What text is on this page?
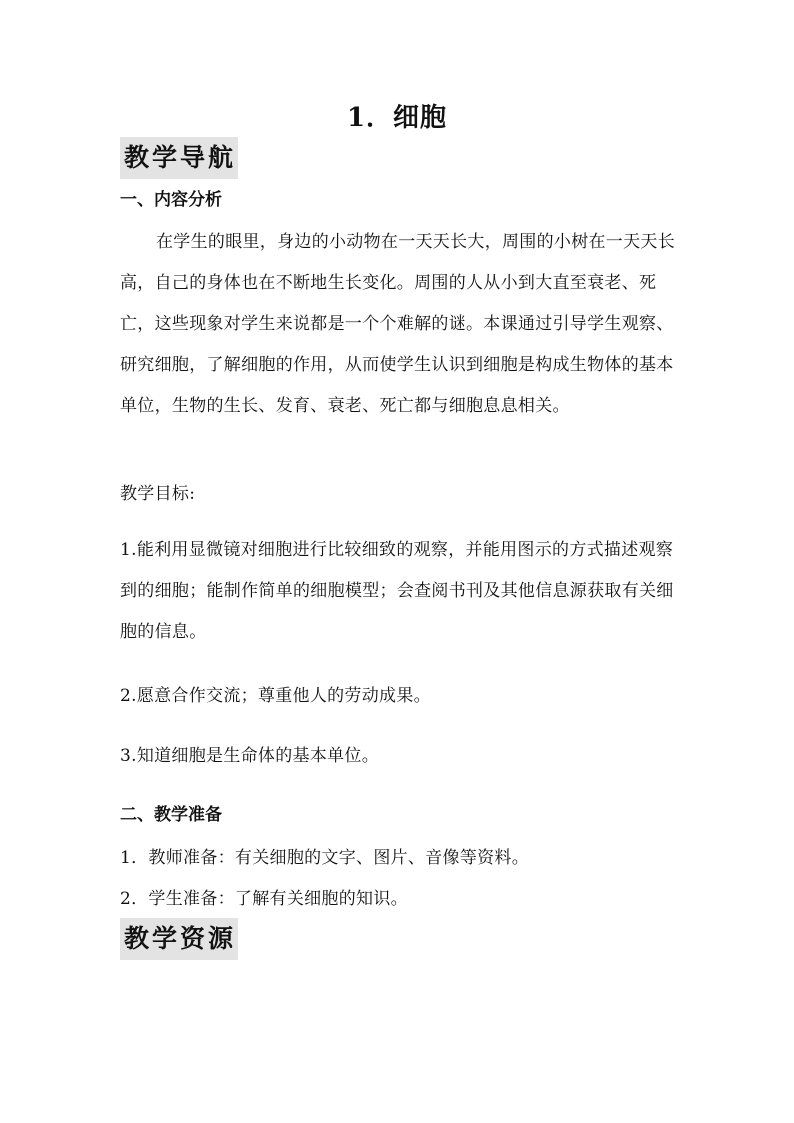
1．细胞
教学导航
一、内容分析
在学生的眼里，身边的小动物在一天天长大，周围的小树在一天天长高，自己的身体也在不断地生长变化。周围的人从小到大直至衰老、死亡，这些现象对学生来说都是一个个难解的谜。本课通过引导学生观察、研究细胞，了解细胞的作用，从而使学生认识到细胞是构成生物体的基本单位，生物的生长、发育、衰老、死亡都与细胞息息相关。
教学目标:
1.能利用显微镜对细胞进行比较细致的观察，并能用图示的方式描述观察到的细胞；能制作简单的细胞模型；会查阅书刊及其他信息源获取有关细胞的信息。
2.愿意合作交流；尊重他人的劳动成果。
3.知道细胞是生命体的基本单位。
二、教学准备
1．教师准备：有关细胞的文字、图片、音像等资料。
2．学生准备：了解有关细胞的知识。
教学资源
